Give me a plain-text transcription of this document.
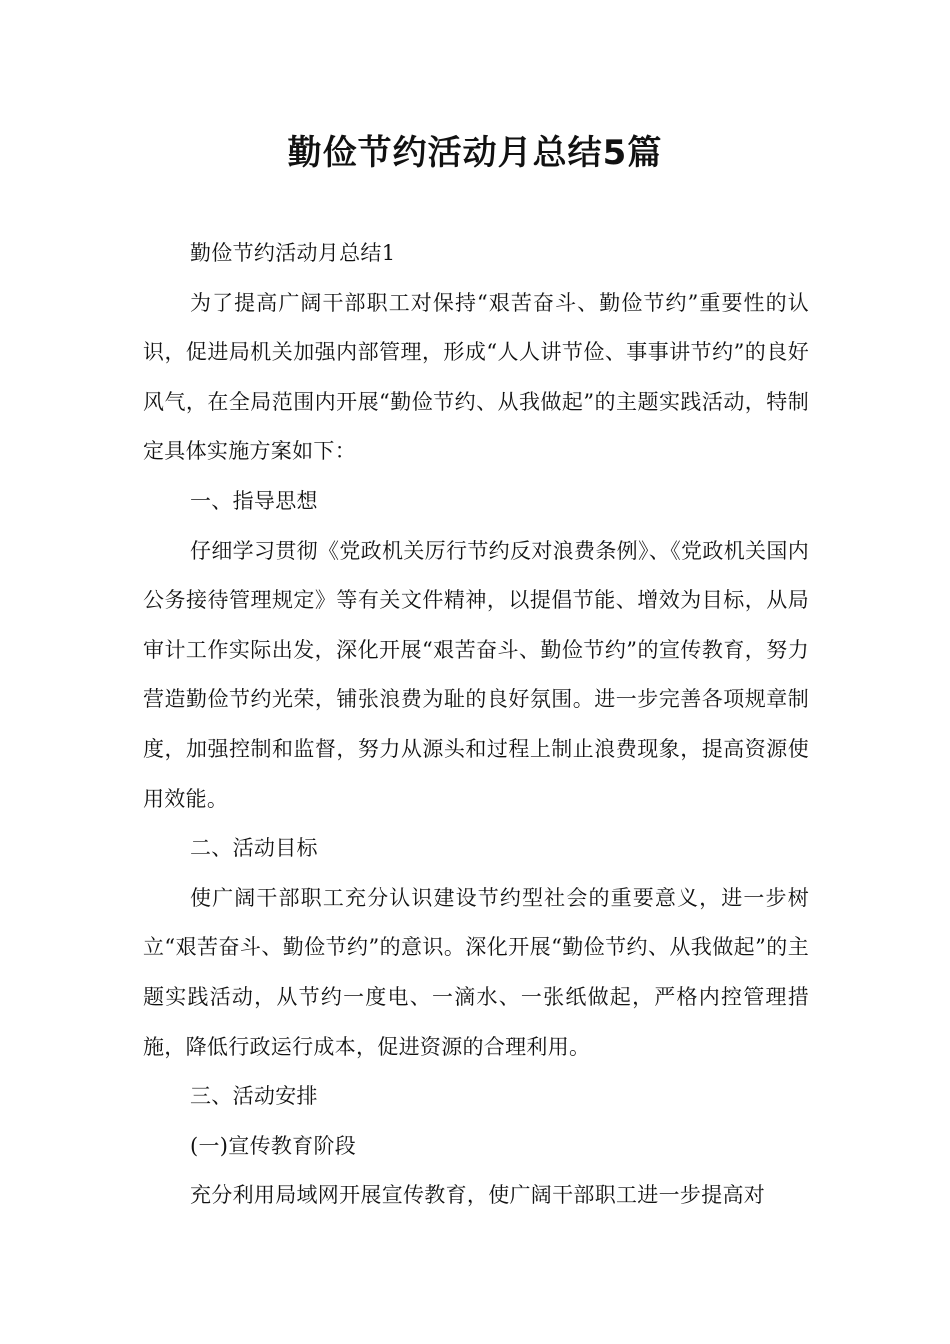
勤俭节约活动月总结5篇

勤俭节约活动月总结1

为了提高广阔干部职工对保持“艰苦奋斗、勤俭节约”重要性的认识，促进局机关加强内部管理，形成“人人讲节俭、事事讲节约”的良好风气，在全局范围内开展“勤俭节约、从我做起”的主题实践活动，特制定具体实施方案如下：

一、指导思想

仔细学习贯彻《党政机关厉行节约反对浪费条例》、《党政机关国内公务接待管理规定》等有关文件精神，以提倡节能、增效为目标，从局审计工作实际出发，深化开展“艰苦奋斗、勤俭节约”的宣传教育，努力营造勤俭节约光荣，铺张浪费为耻的良好氛围。进一步完善各项规章制度，加强控制和监督，努力从源头和过程上制止浪费现象，提高资源使用效能。

二、活动目标

使广阔干部职工充分认识建设节约型社会的重要意义，进一步树立“艰苦奋斗、勤俭节约”的意识。深化开展“勤俭节约、从我做起”的主题实践活动，从节约一度电、一滴水、一张纸做起，严格内控管理措施，降低行政运行成本，促进资源的合理利用。

三、活动安排

(一)宣传教育阶段

充分利用局域网开展宣传教育，使广阔干部职工进一步提高对
